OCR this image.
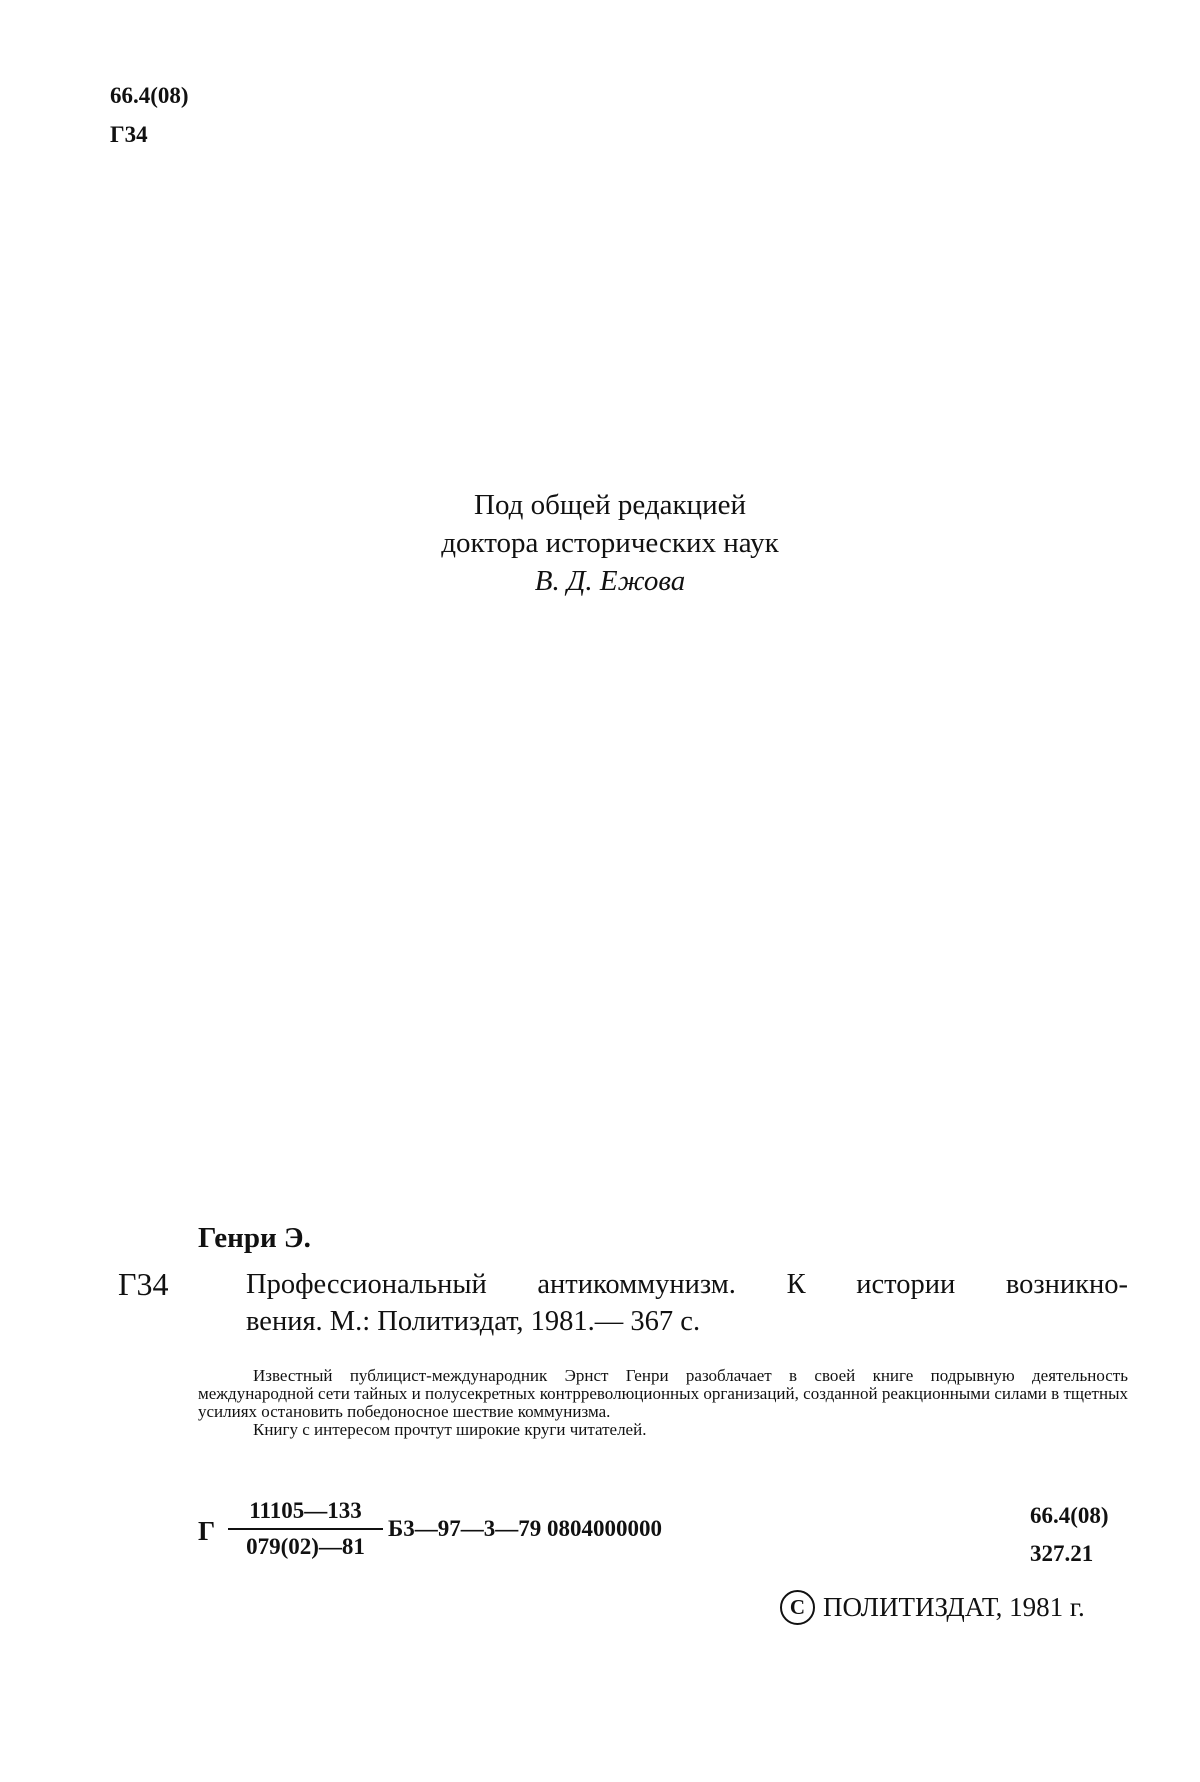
66.4(08)
Г34
Под общей редакцией
доктора исторических наук
В. Д. Ежова
Генри Э.
Г34	Профессиональный антикоммунизм. К истории возникно-
вения. М.: Политиздат, 1981.— 367 с.

Известный публицист-международник Эрнст Генри разоблачает в своей книге подрывную деятельность международной сети тайных и полусекретных контрреволюционных организаций, созданной реакционными силами в тщетных усилиях остановить победоносное шествие коммунизма.

Книгу с интересом прочтут широкие круги читателей.

Г $\frac{11105—133}{079(02)—81}$ Б3—97—3—79 0804000000
66.4(08)
327.21
C ПОЛИТИЗДАТ, 1981 г.
